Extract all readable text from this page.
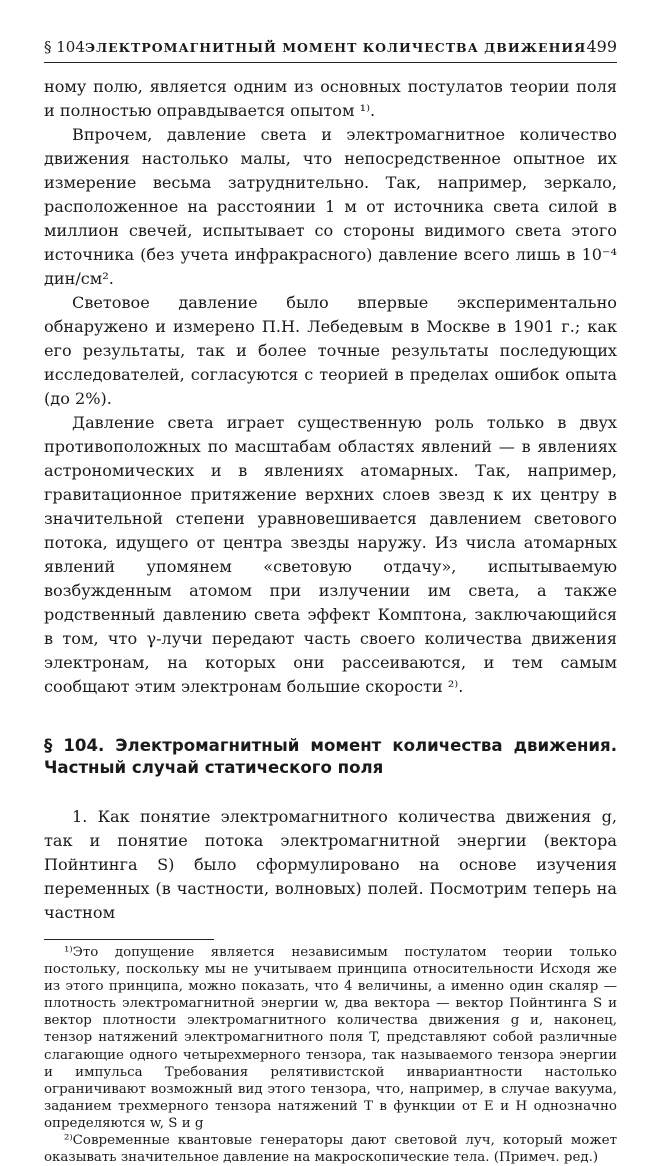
§ 104 ЭЛЕКТРОМАГНИТНЫЙ МОМЕНТ КОЛИЧЕСТВА ДВИЖЕНИЯ 499

ному полю, является одним из основных постулатов теории поля и полностью оправдывается опытом ¹⁾.

Впрочем, давление света и электромагнитное количество движения настолько малы, что непосредственное опытное их измерение весьма затруднительно. Так, например, зеркало, расположенное на расстоянии 1 м от источника света силой в миллион свечей, испытывает со стороны видимого света этого источника (без учета инфракрасного) давление всего лишь в 10⁻⁴ дин/см².

Световое давление было впервые экспериментально обнаружено и измерено П.Н. Лебедевым в Москве в 1901 г.; как его результаты, так и более точные результаты последующих исследователей, согласуются с теорией в пределах ошибок опыта (до 2%).

Давление света играет существенную роль только в двух противоположных по масштабам областях явлений — в явлениях астрономических и в явлениях атомарных. Так, например, гравитационное притяжение верхних слоев звезд к их центру в значительной степени уравновешивается давлением светового потока, идущего от центра звезды наружу. Из числа атомарных явлений упомянем «световую отдачу», испытываемую возбужденным атомом при излучении им света, а также родственный давлению света эффект Комптона, заключающийся в том, что γ-лучи передают часть своего количества движения электронам, на которых они рассеиваются, и тем самым сообщают этим электронам большие скорости ²⁾.

§ 104. Электромагнитный момент количества движения. Частный случай статического поля

1. Как понятие электромагнитного количества движения g, так и понятие потока электромагнитной энергии (вектора Пойнтинга S) было сформулировано на основе изучения переменных (в частности, волновых) полей. Посмотрим теперь на частном

¹⁾Это допущение является независимым постулатом теории только постольку, поскольку мы не учитываем принципа относительности Исходя же из этого принципа, можно показать, что 4 величины, а именно один скаляр — плотность электромагнитной энергии w, два вектора — вектор Пойнтинга S и вектор плотности электромагнитного количества движения g и, наконец, тензор натяжений электромагнитного поля T, представляют собой различные слагающие одного четырехмерного тензора, так называемого тензора энергии и импульса Требования релятивистской инвариантности настолько ограничивают возможный вид этого тензора, что, например, в случае вакуума, заданием трехмерного тензора натяжений T в функции от E и H однозначно определяются w, S и g

²⁾Современные квантовые генераторы дают световой луч, который может оказывать значительное давление на макроскопические тела. (Примеч. ред.)
